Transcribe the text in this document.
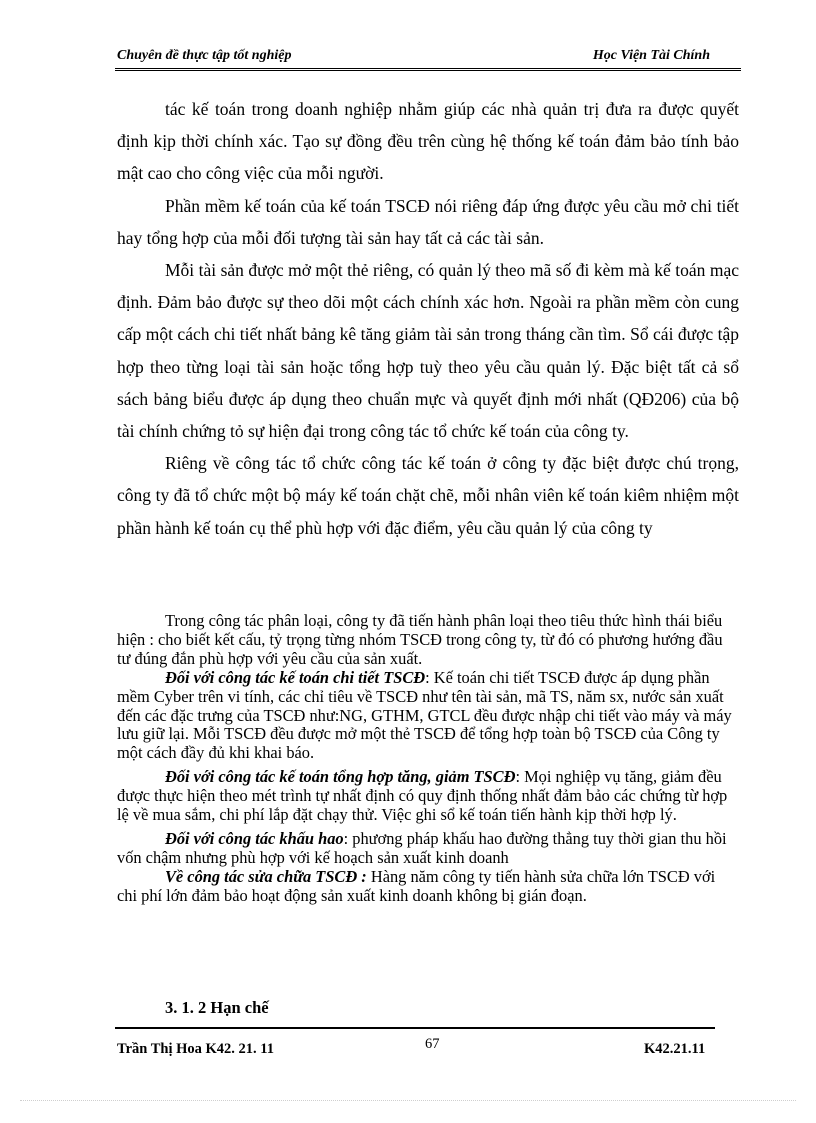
Chuyên đề thực tập tốt nghiệp	Học Viện Tài Chính

tác kế toán trong doanh nghiệp nhằm giúp các nhà quản trị đưa ra được quyết định kịp thời chính xác. Tạo sự đồng đều trên cùng hệ thống kế toán đảm bảo tính bảo mật cao cho công việc của mỗi người.

Phần mềm kế toán của kế toán TSCĐ nói riêng đáp ứng được yêu cầu mở chi tiết hay tổng hợp của mỗi đối tượng tài sản hay tất cả các tài sản.

Mỗi tài sản được mở một thẻ riêng, có quản lý theo mã số đi kèm mà kế toán mạc định. Đảm bảo được sự theo dõi một cách chính xác hơn. Ngoài ra phần mềm còn cung cấp một cách chi tiết nhất bảng kê tăng giảm tài sản trong tháng cần tìm. Sổ cái được tập hợp theo từng loại tài sản hoặc tổng hợp tuỳ theo yêu cầu quản lý. Đặc biệt tất cả sổ sách bảng biểu được áp dụng theo chuẩn mực và quyết định mới nhất (QĐ206) của bộ tài chính chứng tỏ sự hiện đại trong công tác tổ chức kế toán của công ty.

Riêng về công tác tổ chức công tác kế toán ở công ty đặc biệt được chú trọng, công ty đã tổ chức một bộ máy kế toán chặt chẽ, mỗi nhân viên kế toán kiêm nhiệm một phần hành kế toán cụ thể phù hợp với đặc điểm, yêu cầu quản lý của công ty

Trong công tác phân loại, công ty đã tiến hành phân loại theo tiêu thức hình thái biểu hiện : cho biết kết cấu, tỷ trọng từng nhóm TSCĐ trong công ty, từ đó có phương hướng đầu tư đúng đắn phù hợp với yêu cầu của sản xuất.

Đối với công tác kế toán chi tiết TSCĐ: Kế toán chi tiết TSCĐ được áp dụng phần mềm Cyber trên vi tính, các chỉ tiêu về TSCĐ như tên tài sản, mã TS, năm sx, nước sản xuất đến các đặc trưng của TSCĐ như:NG, GTHM, GTCL đều được nhập chi tiết vào máy và máy lưu giữ lại. Mỗi TSCĐ đều được mở một thẻ TSCĐ để tổng hợp toàn bộ TSCĐ của Công ty một cách đầy đủ khi khai báo.

Đối với công tác kế toán tổng hợp tăng, giảm TSCĐ: Mọi nghiệp vụ tăng, giảm đều được thực hiện theo mét trình tự nhất định có quy định thống nhất đảm bảo các chứng từ hợp lệ về mua sắm, chi phí lắp đặt chạy thử. Việc ghi sổ kế toán tiến hành kịp thời hợp lý.

Đối với công tác khấu hao: phương pháp khấu hao đường thẳng tuy thời gian thu hồi vốn chậm nhưng phù hợp với kế hoạch sản xuất kinh doanh

Về công tác sửa chữa TSCĐ : Hàng năm công ty tiến hành sửa chữa lớn TSCĐ với chi phí lớn đảm bảo hoạt động sản xuất kinh doanh không bị gián đoạn.

3. 1. 2 Hạn chế
Trần Thị Hoa K42. 21. 11	67	K42.21.11
